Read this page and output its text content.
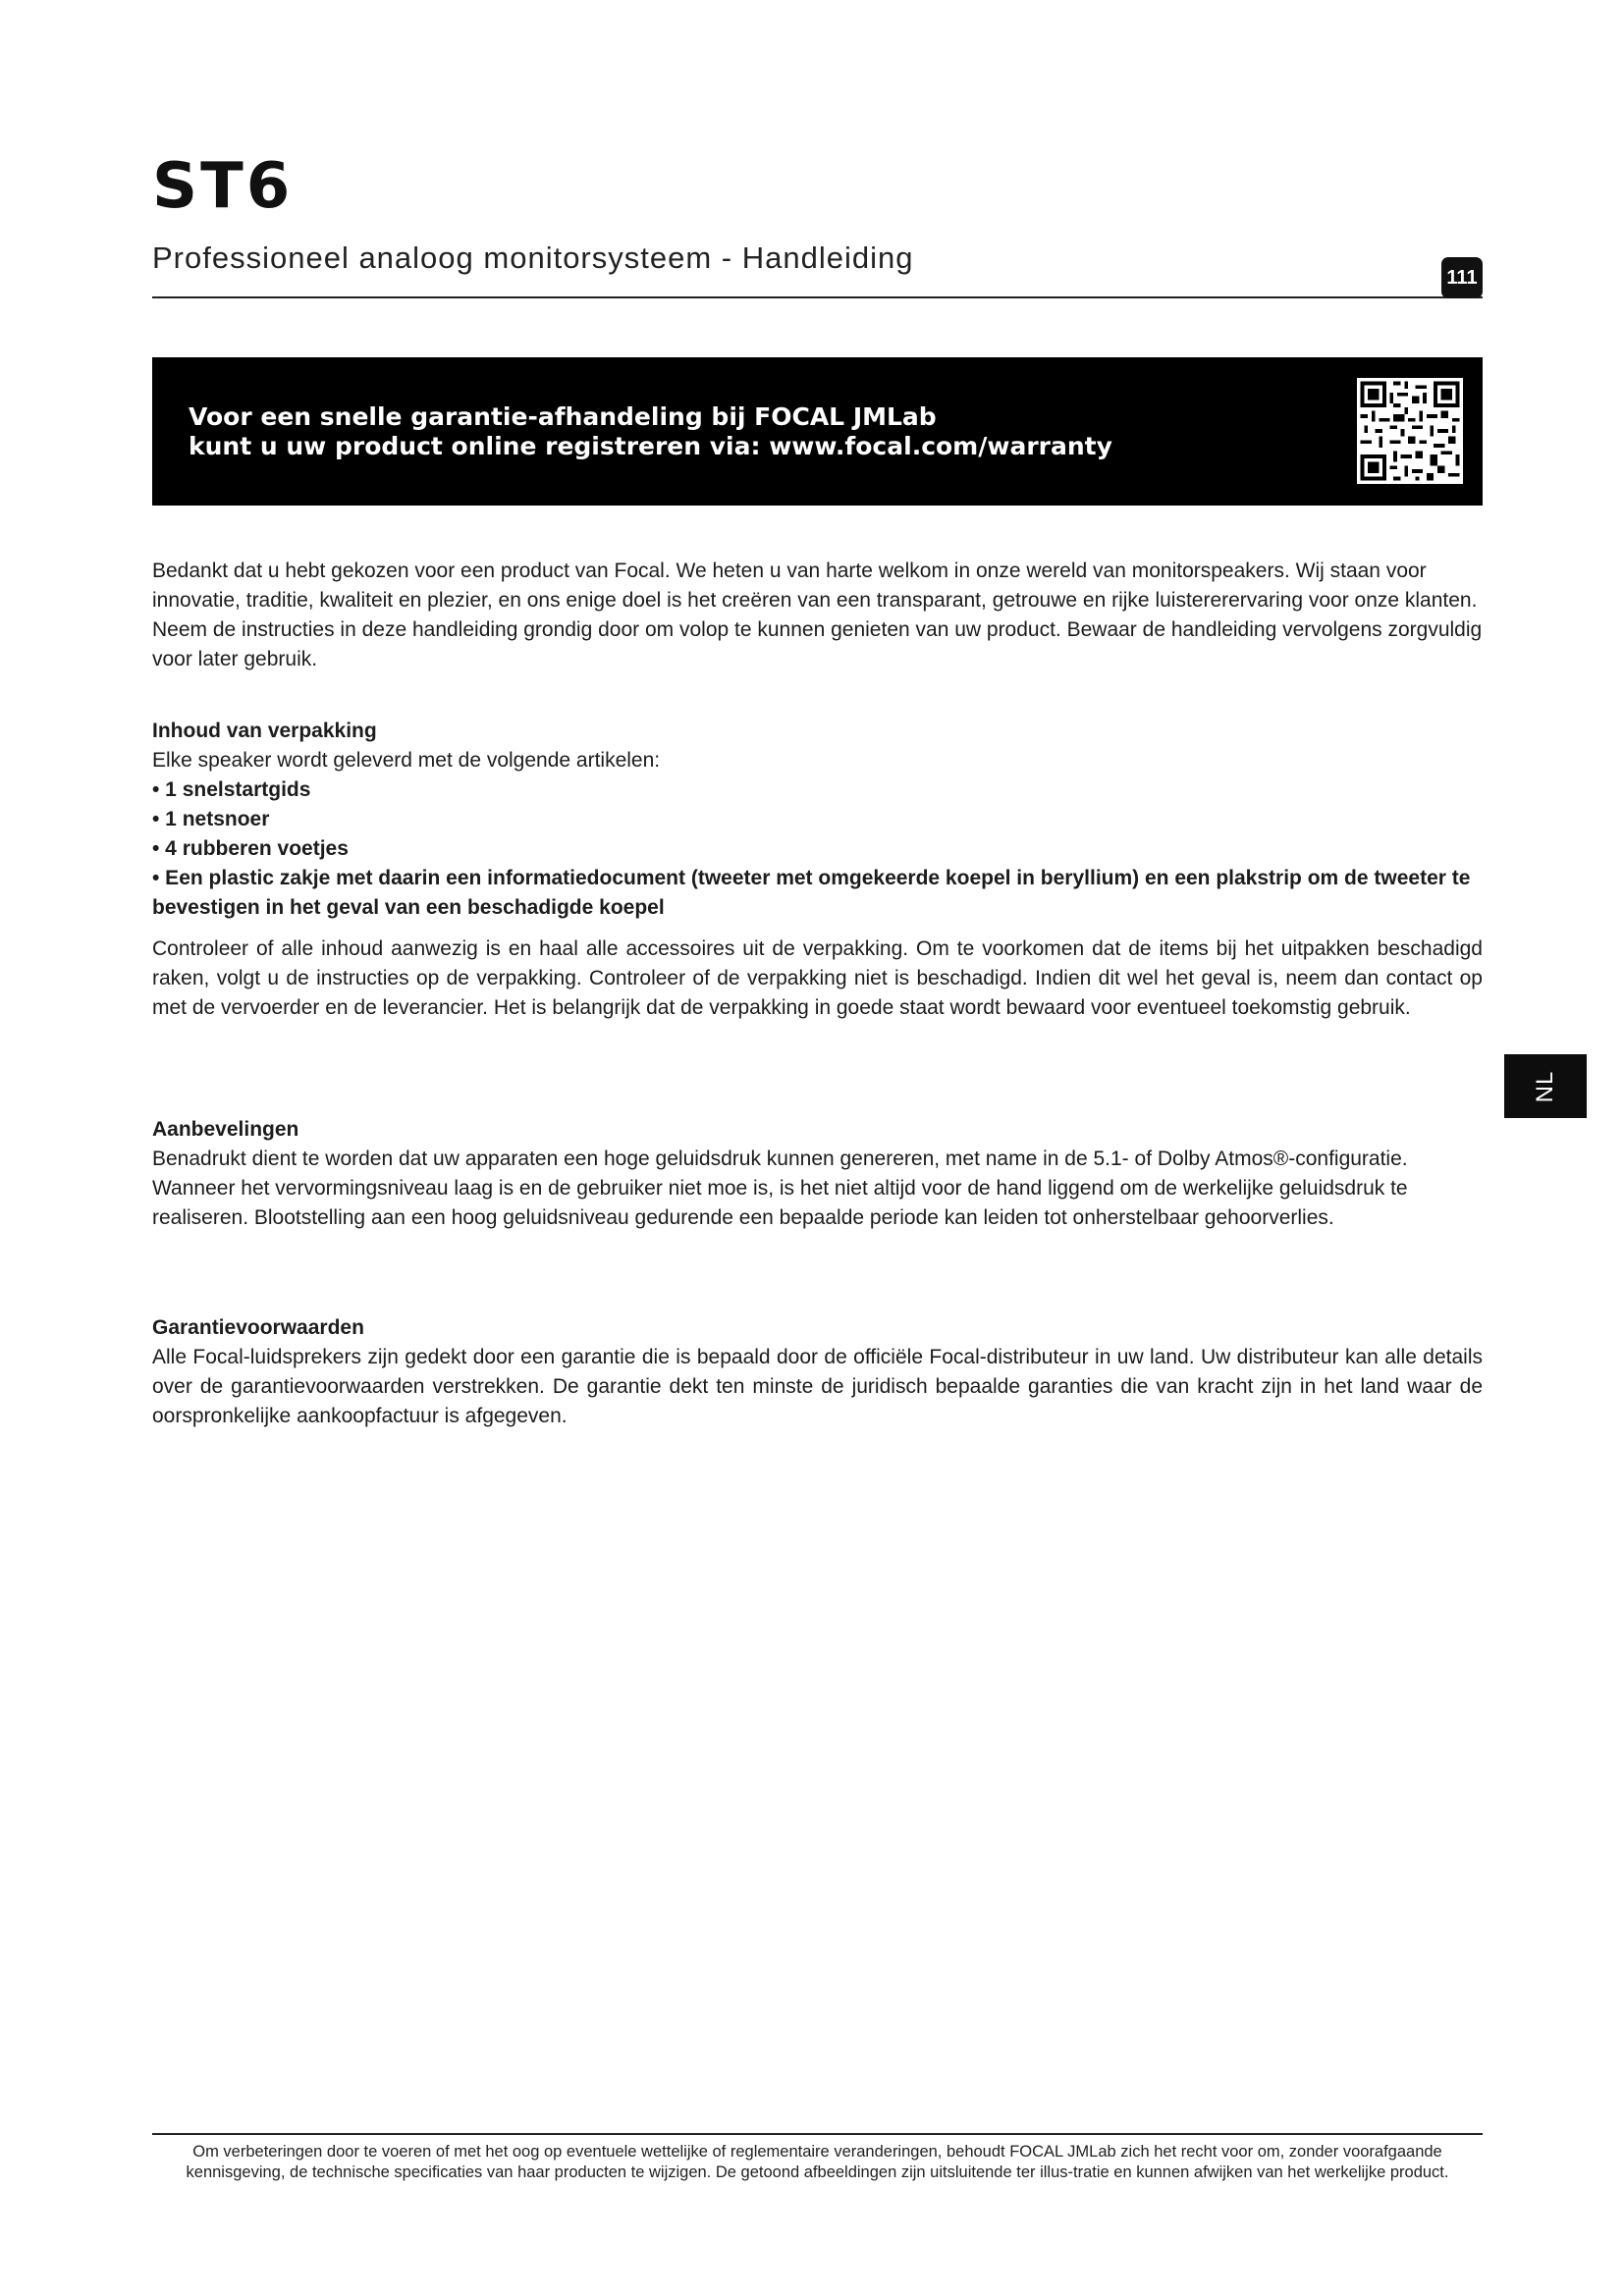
ST6

Professioneel analoog monitorsysteem - Handleiding

111

Voor een snelle garantie-afhandeling bij FOCAL JMLab

kunt u uw product online registreren via: www.focal.com/warranty

NL

Bedankt dat u hebt gekozen voor een product van Focal. We heten u van harte welkom in onze wereld van monitorspeakers. Wij staan voor innovatie, traditie, kwaliteit en plezier, en ons enige doel is het creëren van een transparant, getrouwe en rijke luistererervaring voor onze klanten. Neem de instructies in deze handleiding grondig door om volop te kunnen genieten van uw product. Bewaar de handleiding vervolgens zorgvuldig voor later gebruik.

Inhoud van verpakking

Elke speaker wordt geleverd met de volgende artikelen:

• 1 snelstartgids

• 1 netsnoer

• 4 rubberen voetjes

• Een plastic zakje met daarin een informatiedocument (tweeter met omgekeerde koepel in beryllium) en een plakstrip om de tweeter te bevestigen in het geval van een beschadigde koepel

Controleer of alle inhoud aanwezig is en haal alle accessoires uit de verpakking. Om te voorkomen dat de items bij het uitpakken beschadigd raken, volgt u de instructies op de verpakking. Controleer of de verpakking niet is beschadigd. Indien dit wel het geval is, neem dan contact op met de vervoerder en de leverancier. Het is belangrijk dat de verpakking in goede staat wordt bewaard voor eventueel toekomstig gebruik.

Aanbevelingen

Benadrukt dient te worden dat uw apparaten een hoge geluidsdruk kunnen genereren, met name in de 5.1- of Dolby Atmos®-configuratie. Wanneer het vervormingsniveau laag is en de gebruiker niet moe is, is het niet altijd voor de hand liggend om de werkelijke geluidsdruk te realiseren. Blootstelling aan een hoog geluidsniveau gedurende een bepaalde periode kan leiden tot onherstelbaar gehoorverlies.

Garantievoorwaarden

Alle Focal-luidsprekers zijn gedekt door een garantie die is bepaald door de officiële Focal-distributeur in uw land. Uw distributeur kan alle details over de garantievoorwaarden verstrekken. De garantie dekt ten minste de juridisch bepaalde garanties die van kracht zijn in het land waar de oorspronkelijke aankoopfactuur is afgegeven.

Om verbeteringen door te voeren of met het oog op eventuele wettelijke of reglementaire veranderingen, behoudt FOCAL JMLab zich het recht voor om, zonder voorafgaande kennisgeving, de technische specificaties van haar producten te wijzigen. De getoond afbeeldingen zijn uitsluitende ter illus-tratie en kunnen afwijken van het werkelijke product.
